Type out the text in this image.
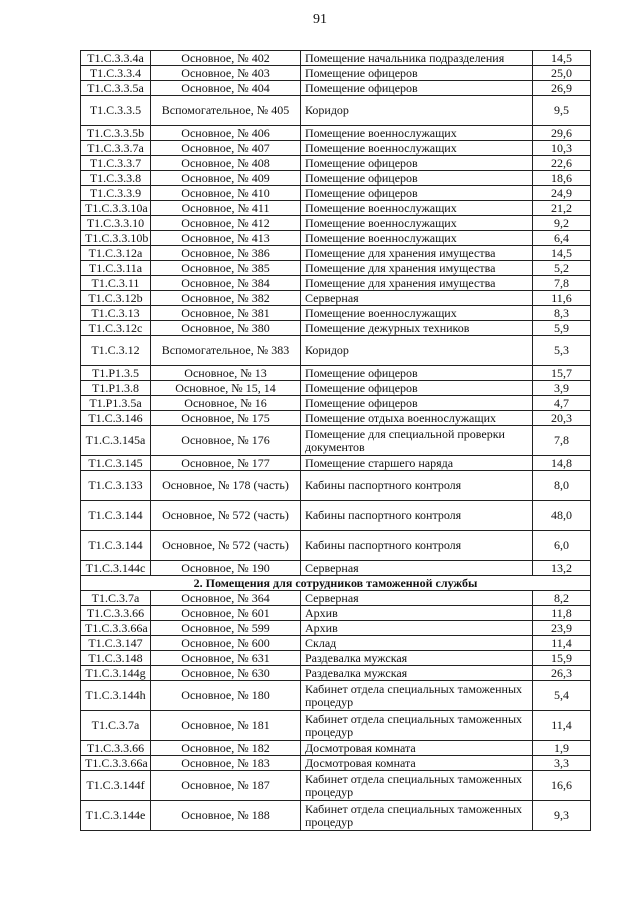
91
T1.C.3.3.4a	Основное, № 402	Помещение начальника подразделения	14,5
T1.C.3.3.4	Основное, № 403	Помещение офицеров	25,0
T1.C.3.3.5a	Основное, № 404	Помещение офицеров	26,9
T1.C.3.3.5	Вспомогательное, № 405	Коридор	9,5
T1.C.3.3.5b	Основное, № 406	Помещение военнослужащих	29,6
T1.C.3.3.7a	Основное, № 407	Помещение военнослужащих	10,3
T1.C.3.3.7	Основное, № 408	Помещение офицеров	22,6
T1.C.3.3.8	Основное, № 409	Помещение офицеров	18,6
T1.C.3.3.9	Основное, № 410	Помещение офицеров	24,9
T1.C.3.3.10a	Основное, № 411	Помещение военнослужащих	21,2
T1.C.3.3.10	Основное, № 412	Помещение военнослужащих	9,2
T1.C.3.3.10b	Основное, № 413	Помещение военнослужащих	6,4
T1.C.3.12a	Основное, № 386	Помещение для хранения имущества	14,5
T1.C.3.11a	Основное, № 385	Помещение для хранения имущества	5,2
T1.C.3.11	Основное, № 384	Помещение для хранения имущества	7,8
T1.C.3.12b	Основное, № 382	Серверная	11,6
T1.C.3.13	Основное, № 381	Помещение военнослужащих	8,3
T1.C.3.12c	Основное, № 380	Помещение дежурных техников	5,9
T1.C.3.12	Вспомогательное, № 383	Коридор	5,3
T1.P1.3.5	Основное, № 13	Помещение офицеров	15,7
T1.P1.3.8	Основное, № 15, 14	Помещение офицеров	3,9
T1.P1.3.5a	Основное, № 16	Помещение офицеров	4,7
T1.C.3.146	Основное, № 175	Помещение отдыха военнослужащих	20,3
T1.C.3.145a	Основное, № 176	Помещение для специальной проверки документов	7,8
T1.C.3.145	Основное, № 177	Помещение старшего наряда	14,8
T1.C.3.133	Основное, № 178 (часть)	Кабины паспортного контроля	8,0
T1.C.3.144	Основное, № 572 (часть)	Кабины паспортного контроля	48,0
T1.C.3.144	Основное, № 572 (часть)	Кабины паспортного контроля	6,0
T1.C.3.144c	Основное, № 190	Серверная	13,2
2. Помещения для сотрудников таможенной службы			
T1.C.3.7a	Основное, № 364	Серверная	8,2
T1.C.3.3.66	Основное, № 601	Архив	11,8
T1.C.3.3.66a	Основное, № 599	Архив	23,9
T1.C.3.147	Основное, № 600	Склад	11,4
T1.C.3.148	Основное, № 631	Раздевалка мужская	15,9
T1.C.3.144g	Основное, № 630	Раздевалка мужская	26,3
T1.C.3.144h	Основное, № 180	Кабинет отдела специальных таможенных процедур	5,4
T1.C.3.7a	Основное, № 181	Кабинет отдела специальных таможенных процедур	11,4
T1.C.3.3.66	Основное, № 182	Досмотровая комната	1,9
T1.C.3.3.66a	Основное, № 183	Досмотровая комната	3,3
T1.C.3.144f	Основное, № 187	Кабинет отдела специальных таможенных процедур	16,6
T1.C.3.144e	Основное, № 188	Кабинет отдела специальных таможенных процедур	9,3
